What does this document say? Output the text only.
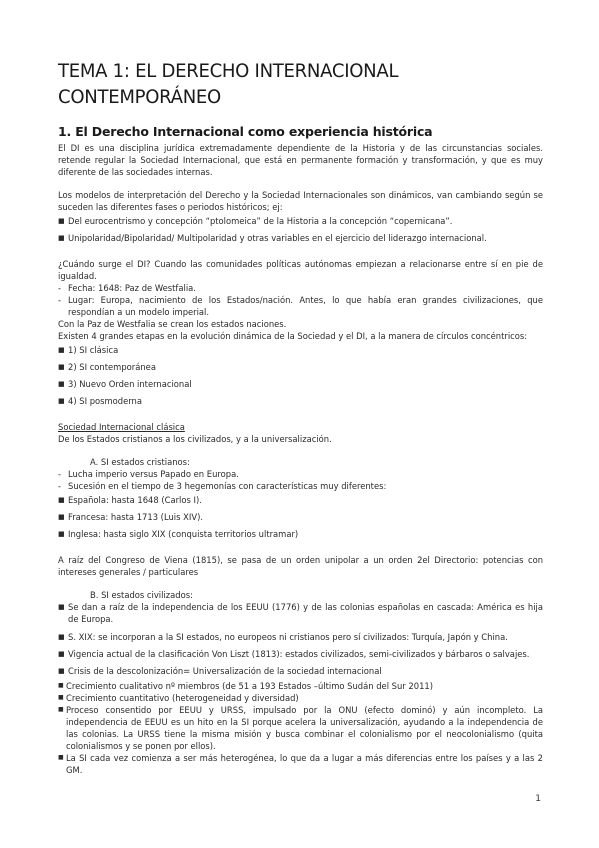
TEMA 1: EL DERECHO INTERNACIONAL CONTEMPORÁNEO
1. El Derecho Internacional como experiencia histórica

El DI es una disciplina jurídica extremadamente dependiente de la Historia y de las circunstancias sociales. retende regular la Sociedad Internacional, que está en permanente formación y transformación, y que es muy diferente de las sociedades internas.

Los modelos de interpretación del Derecho y la Sociedad Internacionales son dinámicos, van cambiando según se suceden las diferentes fases o periodos históricos; ej:

■ Del eurocentrismo y concepción “ptolomeica” de la Historia a la concepción “copernicana”.

■ Unipolaridad/Bipolaridad/ Multipolaridad y otras variables en el ejercicio del liderazgo internacional.

¿Cuándo surge el DI? Cuando las comunidades políticas autónomas empiezan a relacionarse entre sí en pie de igualdad.

- Fecha: 1648: Paz de Westfalia.

- Lugar: Europa, nacimiento de los Estados/nación. Antes, lo que había eran grandes civilizaciones, que respondían a un modelo imperial.

Con la Paz de Westfalia se crean los estados naciones.

Existen 4 grandes etapas en la evolución dinámica de la Sociedad y el DI, a la manera de círculos concéntricos:

■ 1) SI clásica

■ 2) SI contemporánea

■ 3) Nuevo Orden internacional

■ 4) SI posmoderna

Sociedad Internacional clásica

De los Estados cristianos a los civilizados, y a la universalización.

A. SI estados cristianos:

- Lucha imperio versus Papado en Europa.

- Sucesión en el tiempo de 3 hegemonías con características muy diferentes:

■ Española: hasta 1648 (Carlos I).

■ Francesa: hasta 1713 (Luis XIV).

■ Inglesa: hasta siglo XIX (conquista territorios ultramar)

A raíz del Congreso de Viena (1815), se pasa de un orden unipolar a un orden 2el Directorio: potencias con intereses generales / particulares

B. SI estados civilizados:

■ Se dan a raíz de la independencia de los EEUU (1776) y de las colonias españolas en cascada: América es hija de Europa.

■ S. XIX: se incorporan a la SI estados, no europeos ni cristianos pero sí civilizados: Turquía, Japón y China.

■ Vigencia actual de la clasificación Von Liszt (1813): estados civilizados, semi-civilizados y bárbaros o salvajes.

■ Crisis de la descolonización= Universalización de la sociedad internacional

■ Crecimiento cualitativo nº miembros (de 51 a 193 Estados –último Sudán del Sur 2011)

■ Crecimiento cuantitativo (heterogeneidad y diversidad)

■ Proceso consentido por EEUU y URSS, impulsado por la ONU (efecto dominó) y aún incompleto. La independencia de EEUU es un hito en la SI porque acelera la universalización, ayudando a la independencia de las colonias. La URSS tiene la misma misión y busca combinar el colonialismo por el neocolonialismo (quita colonialismos y se ponen por ellos).

■ La SI cada vez comienza a ser más heterogénea, lo que da a lugar a más diferencias entre los países y a las 2 GM.

1
